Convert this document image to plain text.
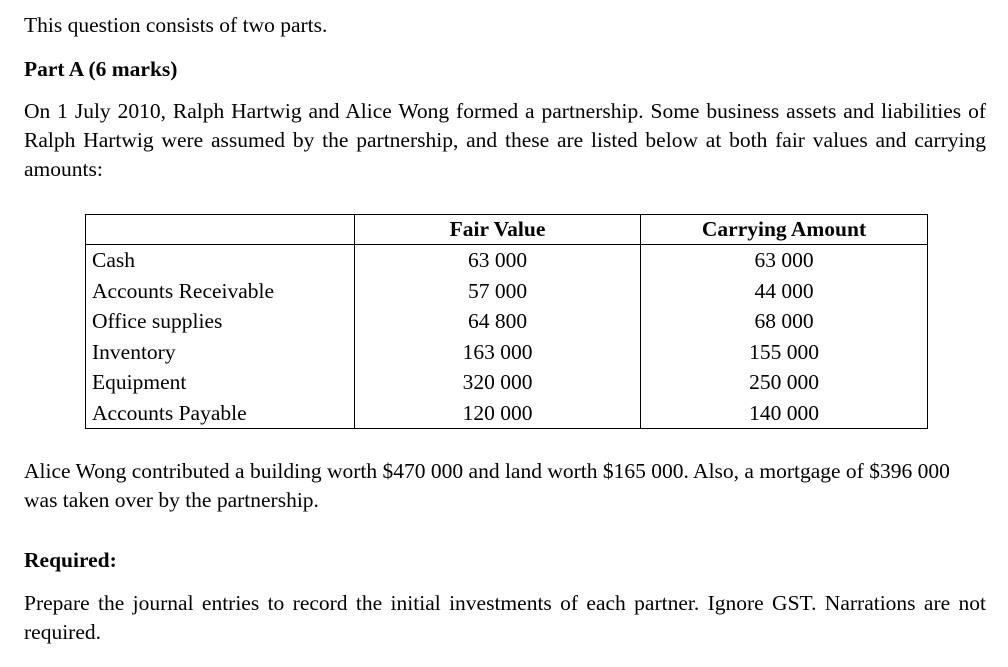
This question consists of two parts.

Part A (6 marks)

On 1 July 2010, Ralph Hartwig and Alice Wong formed a partnership. Some business assets and liabilities of Ralph Hartwig were assumed by the partnership, and these are listed below at both fair values and carrying amounts:

	Fair Value	Carrying Amount
Cash	63 000	63 000
Accounts Receivable	57 000	44 000
Office supplies	64 800	68 000
Inventory	163 000	155 000
Equipment	320 000	250 000
Accounts Payable	120 000	140 000

Alice Wong contributed a building worth $470 000 and land worth $165 000. Also, a mortgage of $396 000 was taken over by the partnership.

Required:

Prepare the journal entries to record the initial investments of each partner. Ignore GST. Narrations are not required.
